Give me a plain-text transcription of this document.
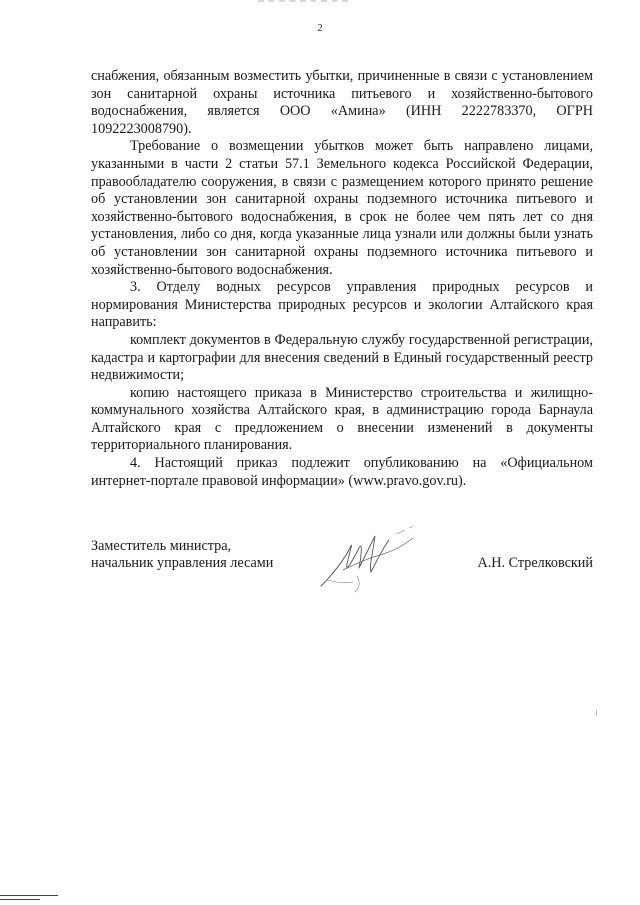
2

снабжения, обязанным возместить убытки, причиненные в связи с установлением зон санитарной охраны источника питьевого и хозяйственно-бытового водоснабжения, является ООО «Амина» (ИНН 2222783370, ОГРН 1092223008790).

Требование о возмещении убытков может быть направлено лицами, указанными в части 2 статьи 57.1 Земельного кодекса Российской Федерации, правообладателю сооружения, в связи с размещением которого принято решение об установлении зон санитарной охраны подземного источника питьевого и хозяйственно-бытового водоснабжения, в срок не более чем пять лет со дня установления, либо со дня, когда указанные лица узнали или должны были узнать об установлении зон санитарной охраны подземного источника питьевого и хозяйственно-бытового водоснабжения.

3. Отделу водных ресурсов управления природных ресурсов и нормирования Министерства природных ресурсов и экологии Алтайского края направить:

комплект документов в Федеральную службу государственной регистрации, кадастра и картографии для внесения сведений в Единый государственный реестр недвижимости;

копию настоящего приказа в Министерство строительства и жилищно-коммунального хозяйства Алтайского края, в администрацию города Барнаула Алтайского края с предложением о внесении изменений в документы территориального планирования.

4. Настоящий приказ подлежит опубликованию на «Официальном интернет-портале правовой информации» (www.pravo.gov.ru).

Заместитель министра,
начальник управления лесами	А.Н. Стрелковский
